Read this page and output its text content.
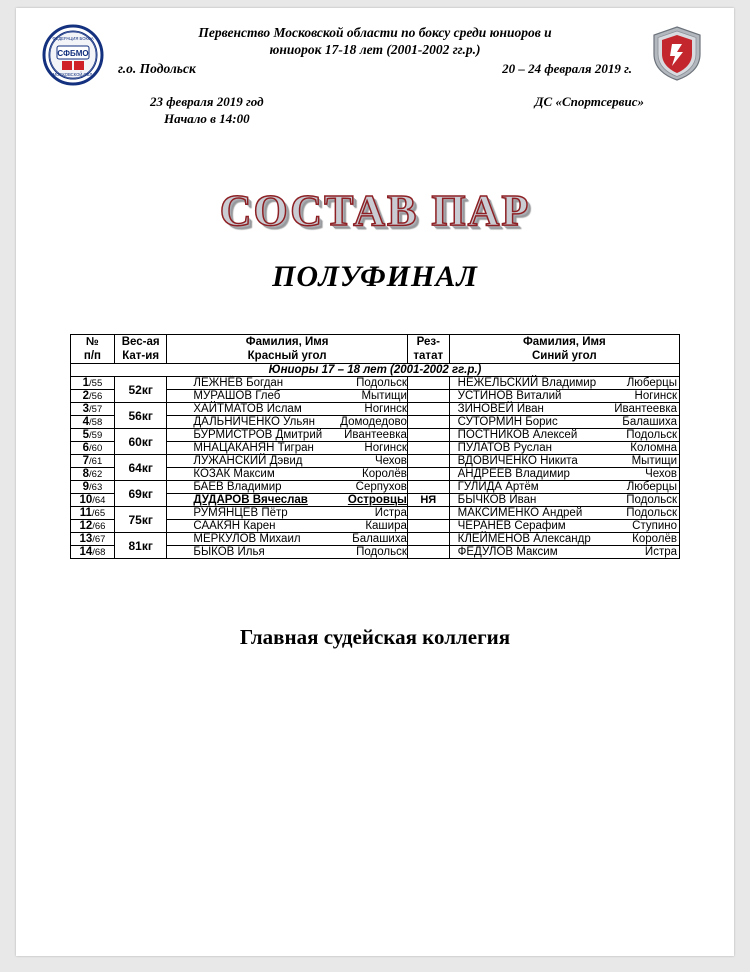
ФЕДЕРАЦИЯ БОКСА
МОСКОВСКОЙ ОБЛ.
СФБМО
Первенство Московской области по боксу среди юниоров и
юниорок 17-18 лет (2001-2002 гг.р.)
г.о. Подольск	20 – 24 февраля 2019 г.
23 февраля 2019 год
Начало в 14:00
ДС «Спортсервис»
СОСТАВ ПАР
ПОЛУФИНАЛ
№
п/п

Вес-ая
Кат-ия

Фамилия, Имя
Красный угол

Рез-
татат

Фамилия, Имя
Синий угол

Юниоры 17 – 18 лет (2001-2002 гг.р.)				
1/55	52кг	ЛЕЖНЁВ Богдан Подольск		НЕЖЕЛЬСКИЙ Владимир Люберцы

2/56		МУРАШОВ Глеб Мытищи		УСТИНОВ Виталий Ногинск

3/57	56кг	ХАЙТМАТОВ Ислам Ногинск		ЗИНОВЕЙ Иван Ивантеевка

4/58		ДАЛЬНИЧЕНКО Ульян Домодедово		СУТОРМИН Борис Балашиха

5/59	60кг	БУРМИСТРОВ Дмитрий Ивантеевка		ПОСТНИКОВ Алексей Подольск

6/60		МНАЦАКАНЯН Тигран Ногинск		ПУЛАТОВ Руслан Коломна

7/61	64кг	ЛУЖАНСКИЙ Дэвид Чехов		ВДОВИЧЕНКО Никита Мытищи

8/62		КОЗАК Максим Королёв		АНДРЕЕВ Владимир Чехов

9/63	69кг	БАЕВ Владимир Серпухов		ГУЛИДА Артём Люберцы

10/64		ДУДАРОВ Вячеслав Островцы	НЯ	БЫЧКОВ Иван Подольск

11/65	75кг	РУМЯНЦЕВ Пётр Истра		МАКСИМЕНКО Андрей Подольск

12/66		СААКЯН Карен Кашира		ЧЕРАНЁВ Серафим Ступино

13/67	81кг	МЕРКУЛОВ Михаил Балашиха		КЛЕЙМЕНОВ Александр Королёв

14/68		БЫКОВ Илья Подольск		ФЕДУЛОВ Максим Истра
Главная судейская коллегия
